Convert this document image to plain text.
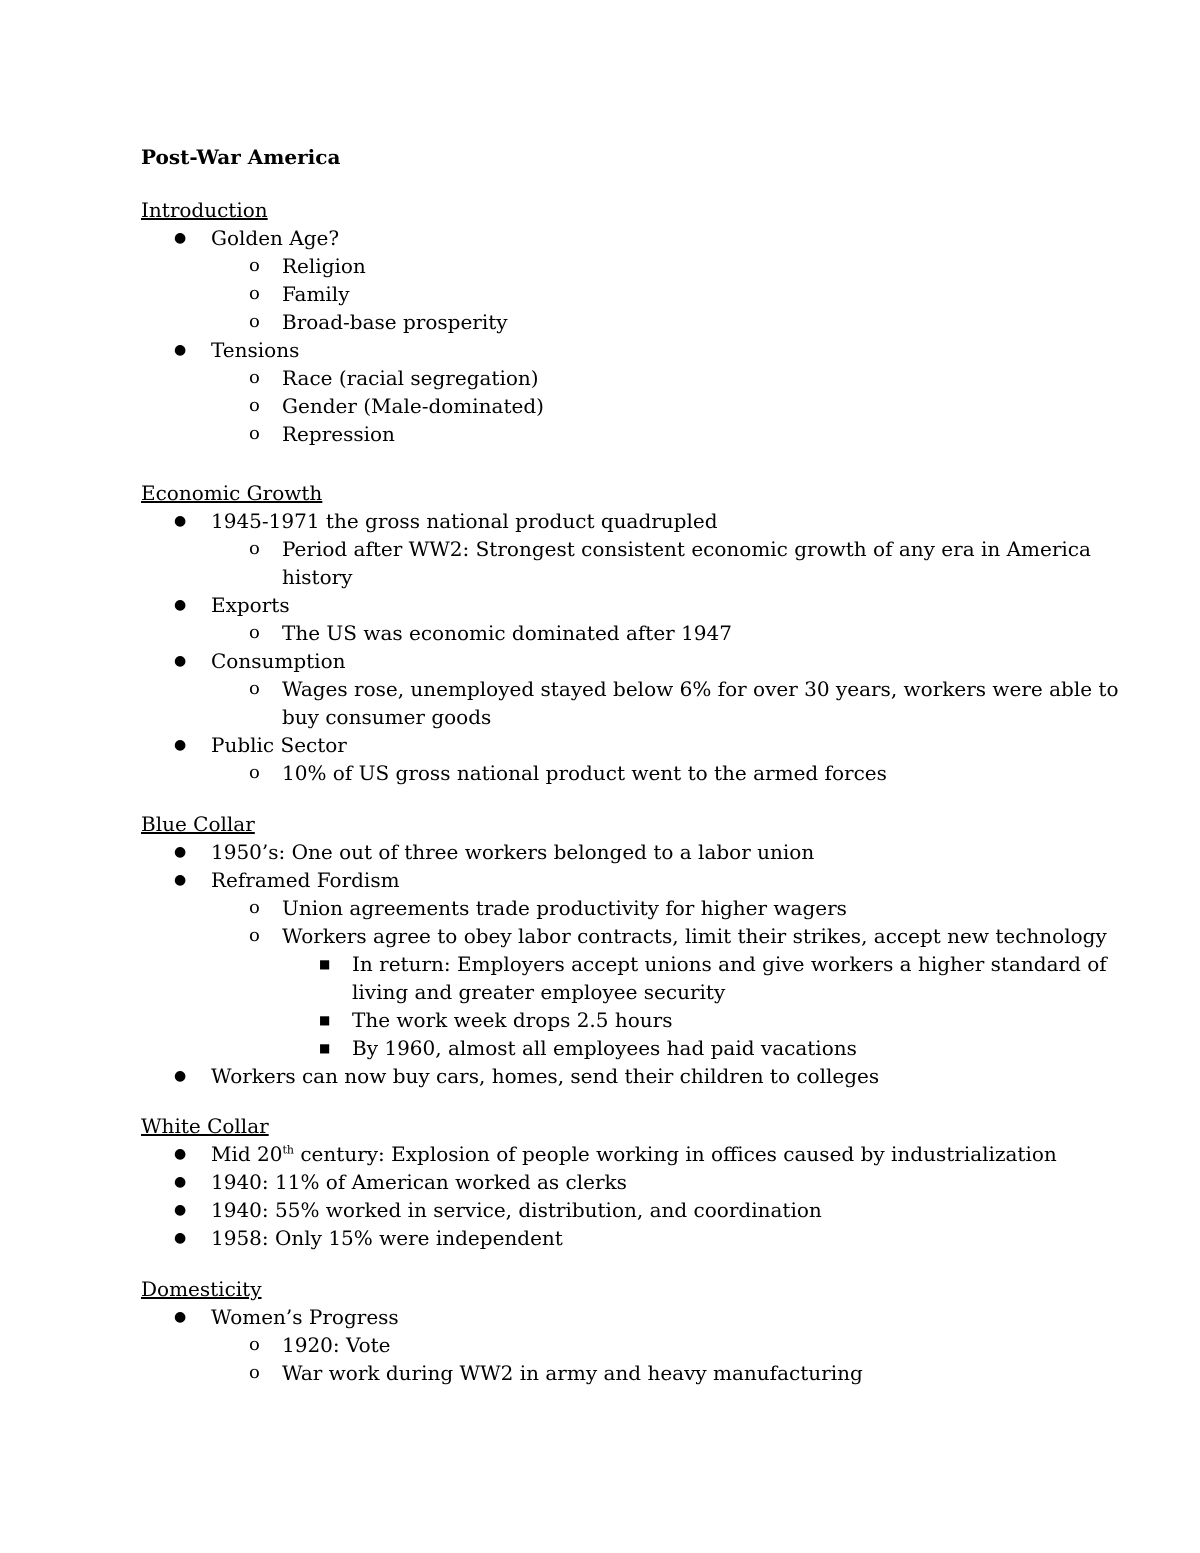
Post-War America
Introduction
● Golden Age?
o Religion
o Family
o Broad-base prosperity
● Tensions
o Race (racial segregation)
o Gender (Male-dominated)
o Repression
Economic Growth
● 1945-1971 the gross national product quadrupled
o Period after WW2: Strongest consistent economic growth of any era in America
history
● Exports
o The US was economic dominated after 1947
● Consumption
o Wages rose, unemployed stayed below 6% for over 30 years, workers were able to
buy consumer goods
● Public Sector
o 10% of US gross national product went to the armed forces
Blue Collar
● 1950’s: One out of three workers belonged to a labor union
● Reframed Fordism
o Union agreements trade productivity for higher wagers
o Workers agree to obey labor contracts, limit their strikes, accept new technology
■ In return: Employers accept unions and give workers a higher standard of
living and greater employee security
■ The work week drops 2.5 hours
■ By 1960, almost all employees had paid vacations
● Workers can now buy cars, homes, send their children to colleges
White Collar
● Mid 20th century: Explosion of people working in offices caused by industrialization
● 1940: 11% of American worked as clerks
● 1940: 55% worked in service, distribution, and coordination
● 1958: Only 15% were independent
Domesticity
● Women’s Progress
o 1920: Vote
o War work during WW2 in army and heavy manufacturing
